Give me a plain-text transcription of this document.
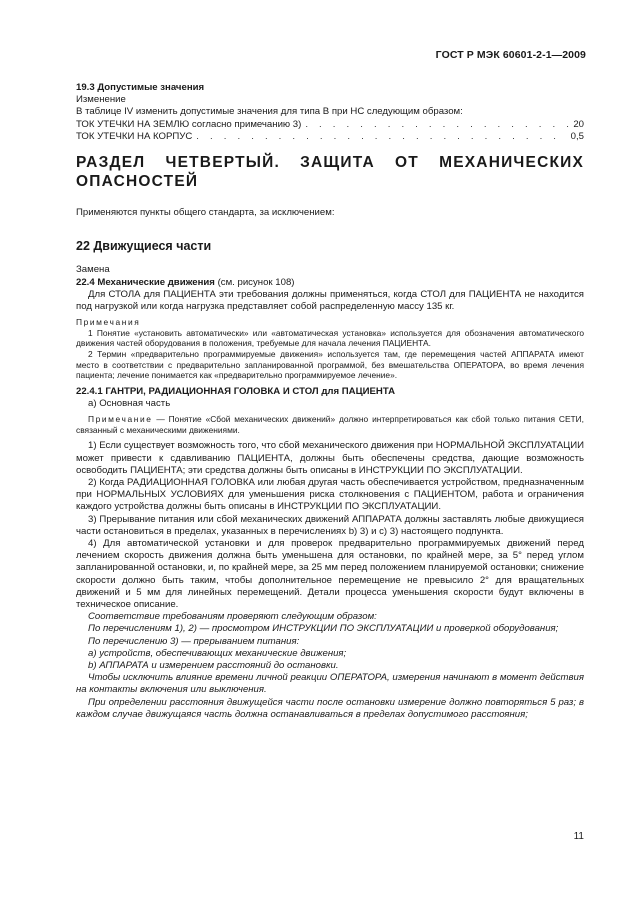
ГОСТ Р МЭК 60601-2-1—2009

19.3 Допустимые значения

Изменение

В таблице IV изменить допустимые значения для типа B при НС следующим образом:

ТОК УТЕЧКИ НА ЗЕМЛЮ согласно примечанию 3) . . .	20
ТОК УТЕЧКИ НА КОРПУС . . .	0,5

РАЗДЕЛ ЧЕТВЕРТЫЙ. ЗАЩИТА ОТ МЕХАНИЧЕСКИХ ОПАСНОСТЕЙ

Применяются пункты общего стандарта, за исключением:

22 Движущиеся части

Замена

22.4 Механические движения (см. рисунок 108)

Для СТОЛА для ПАЦИЕНТА эти требования должны применяться, когда СТОЛ для ПАЦИЕНТА не находится под нагрузкой или когда нагрузка представляет собой распределенную массу 135 кг.

Примечания

1 Понятие «установить автоматически» или «автоматическая установка» используется для обозначения автоматического движения частей оборудования в положения, требуемые для начала лечения ПАЦИЕНТА.

2 Термин «предварительно программируемые движения» используется там, где перемещения частей АППАРАТА имеют место в соответствии с предварительно запланированной программой, без вмешательства ОПЕРАТОРА, во время лечения пациента; лечение понимается как «предварительно программируемое лечение».

22.4.1 ГАНТРИ, РАДИАЦИОННАЯ ГОЛОВКА И СТОЛ для ПАЦИЕНТА

а) Основная часть

Примечание — Понятие «Сбой механических движений» должно интерпретироваться как сбой только питания СЕТИ, связанный с механическими движениями.

1) Если существует возможность того, что сбой механического движения при НОРМАЛЬНОЙ ЭКСПЛУАТАЦИИ может привести к сдавливанию ПАЦИЕНТА, должны быть обеспечены средства, дающие возможность освободить ПАЦИЕНТА; эти средства должны быть описаны в ИНСТРУКЦИИ ПО ЭКСПЛУАТАЦИИ.

2) Когда РАДИАЦИОННАЯ ГОЛОВКА или любая другая часть обеспечивается устройством, предназначенным при НОРМАЛЬНЫХ УСЛОВИЯХ для уменьшения риска столкновения с ПАЦИЕНТОМ, работа и ограничения каждого устройства должны быть описаны в ИНСТРУКЦИИ ПО ЭКСПЛУАТАЦИИ.

3) Прерывание питания или сбой механических движений АППАРАТА должны заставлять любые движущиеся части остановиться в пределах, указанных в перечислениях b) 3) и c) 3) настоящего подпункта.

4) Для автоматической установки и для проверок предварительно программируемых движений перед лечением скорость движения должна быть уменьшена для остановки, по крайней мере, за 5° перед углом запланированной остановки, и, по крайней мере, за 25 мм перед положением планируемой остановки; снижение скорости должно быть таким, чтобы дополнительное перемещение не превысило 2° для вращательных движений и 5 мм для линейных перемещений. Детали процесса уменьшения скорости будут включены в техническое описание.

Соответствие требованиям проверяют следующим образом:

По перечислениям 1), 2) — просмотром ИНСТРУКЦИИ ПО ЭКСПЛУАТАЦИИ и проверкой оборудования;

По перечислению 3) — прерыванием питания:

а) устройств, обеспечивающих механические движения;

b) АППАРАТА и измерением расстояний до остановки.

Чтобы исключить влияние времени личной реакции ОПЕРАТОРА, измерения начинают в момент действия на контакты включения или выключения.

При определении расстояния движущейся части после остановки измерение должно повторяться 5 раз; в каждом случае движущаяся часть должна останавливаться в пределах допустимого расстояния;

11
